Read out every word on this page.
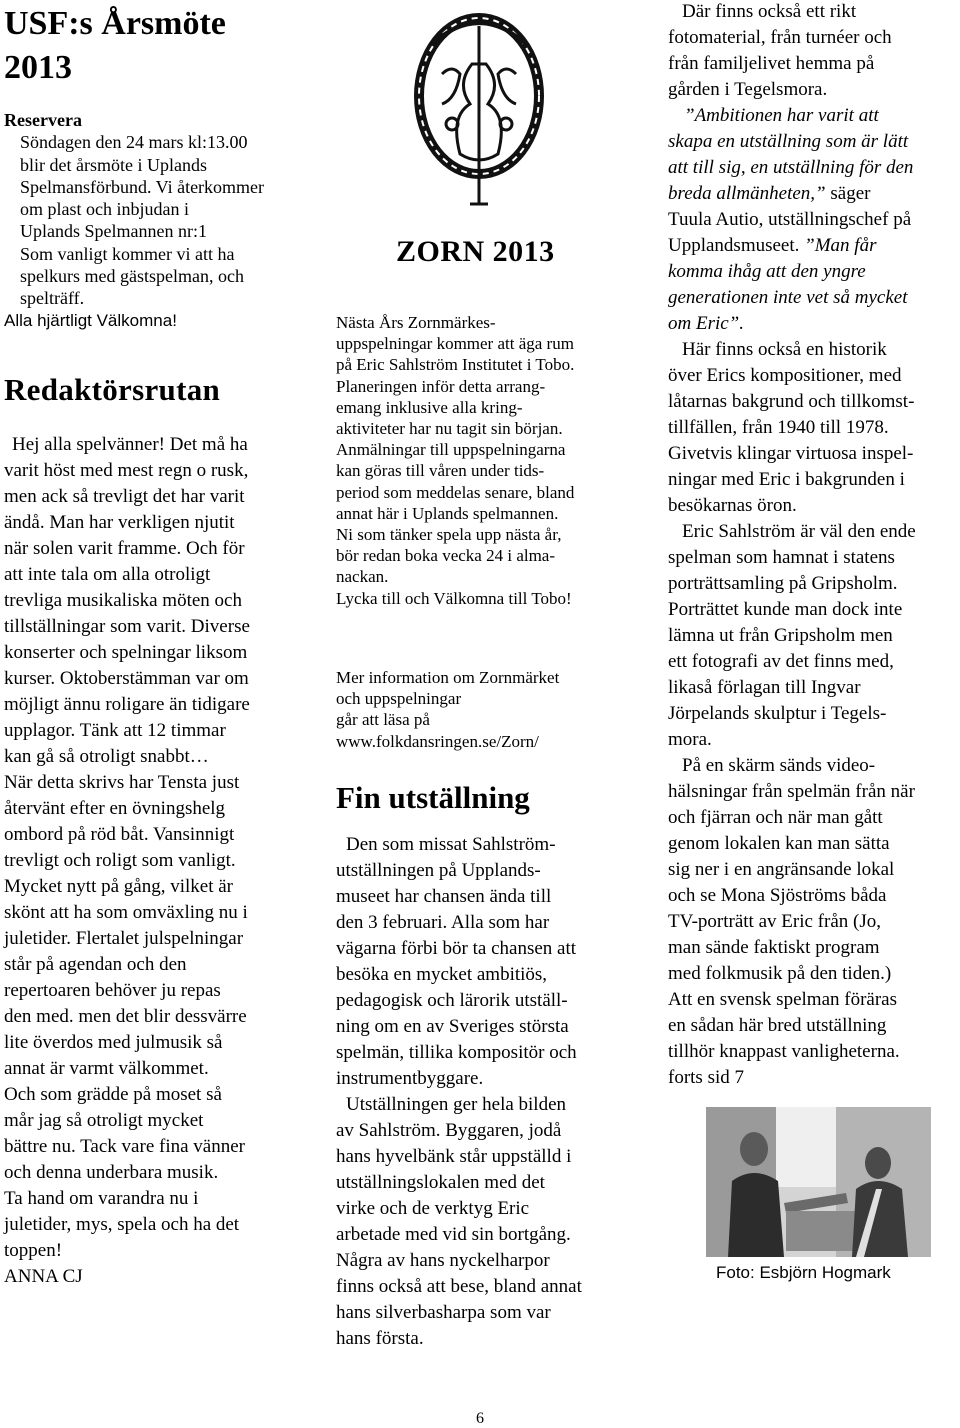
USF:s Årsmöte
2013
Reservera
Söndagen den 24 mars kl:13.00
blir det årsmöte i Uplands
Spelmansförbund. Vi återkommer
om plast och inbjudan i
Uplands Spelmannen nr:1
Som vanligt kommer vi att ha
spelkurs med gästspelman, och
spelträff.
Alla hjärtligt Välkomna!
Redaktörsrutan
Hej alla spelvänner! Det må ha
varit höst med mest regn o rusk,
men ack så trevligt det har varit
ändå. Man har verkligen njutit
när solen varit framme. Och för
att inte tala om alla otroligt
trevliga musikaliska möten och
tillställningar som varit. Diverse
konserter och spelningar liksom
kurser. Oktoberstämman var om
möjligt ännu roligare än tidigare
upplagor. Tänk att 12 timmar
kan gå så otroligt snabbt…
När detta skrivs har Tensta just
återvänt efter en övningshelg
ombord på röd båt. Vansinnigt
trevligt och roligt som vanligt.
Mycket nytt på gång, vilket är
skönt att ha som omväxling nu i
juletider. Flertalet julspelningar
står på agendan och den
repertoaren behöver ju repas
den med. men det blir dessvärre
lite överdos med julmusik så
annat är varmt välkommet.
Och som grädde på moset så
mår jag så otroligt mycket
bättre nu. Tack vare fina vänner
och denna underbara musik.
Ta hand om varandra nu i
juletider, mys, spela och ha det
toppen!
ANNA CJ
ZORN 2013
Nästa Års Zornmärkes-
uppspelningar kommer att äga rum
på Eric Sahlström Institutet i Tobo.
Planeringen inför detta arrang-
emang inklusive alla kring-
aktiviteter har nu tagit sin början.
Anmälningar till uppspelningarna
kan göras till våren under tids-
period som meddelas senare, bland
annat här i Uplands spelmannen.
Ni som tänker spela upp nästa år,
bör redan boka vecka 24 i alma-
nackan.
Lycka till och Välkomna till Tobo!
Mer information om Zornmärket
och uppspelningar
går att läsa på
www.folkdansringen.se/Zorn/
Fin utställning
Den som missat Sahlström-
utställningen på Upplands-
museet har chansen ända till
den 3 februari. Alla som har
vägarna förbi bör ta chansen att
besöka en mycket ambitiös,
pedagogisk och lärorik utställ-
ning om en av Sveriges största
spelmän, tillika kompositör och
instrumentbyggare.
Utställningen ger hela bilden
av Sahlström. Byggaren, jodå
hans hyvelbänk står uppställd i
utställningslokalen med det
virke och de verktyg Eric
arbetade med vid sin bortgång.
Några av hans nyckelharpor
finns också att bese, bland annat
hans silverbasharpa som var
hans första.
Där finns också ett rikt
fotomaterial, från turnéer och
från familjelivet hemma på
gården i Tegelsmora.
”Ambitionen har varit att
skapa en utställning som är lätt
att till sig, en utställning för den
breda allmänheten,” säger
Tuula Autio, utställningschef på
Upplandsmuseet. ”Man får
komma ihåg att den yngre
generationen inte vet så mycket
om Eric”.
Här finns också en historik
över Erics kompositioner, med
låtarnas bakgrund och tillkomst-
tillfällen, från 1940 till 1978.
Givetvis klingar virtuosa inspel-
ningar med Eric i bakgrunden i
besökarnas öron.
Eric Sahlström är väl den ende
spelman som hamnat i statens
porträttsamling på Gripsholm.
Porträttet kunde man dock inte
lämna ut från Gripsholm men
ett fotografi av det finns med,
likaså förlagan till Ingvar
Jörpelands skulptur i Tegels-
mora.
På en skärm sänds video-
hälsningar från spelmän från när
och fjärran och när man gått
genom lokalen kan man sätta
sig ner i en angränsande lokal
och se Mona Sjöströms båda
TV-porträtt av Eric från (Jo,
man sände faktiskt program
med folkmusik på den tiden.)
Att en svensk spelman föräras
en sådan här bred utställning
tillhör knappast vanligheterna.
forts sid 7
Foto: Esbjörn Hogmark
6
